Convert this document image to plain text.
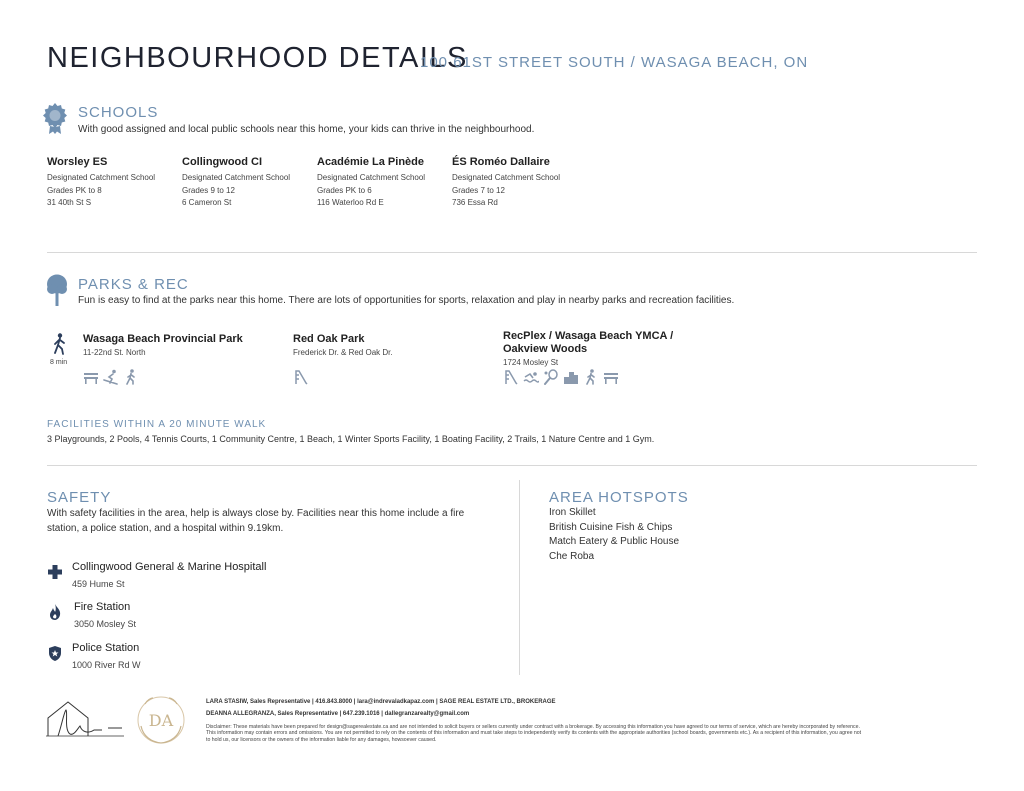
NEIGHBOURHOOD DETAILS
100 61ST STREET SOUTH / WASAGA BEACH, ON
SCHOOLS
With good assigned and local public schools near this home, your kids can thrive in the neighbourhood.
Worsley ES
Designated Catchment School
Grades PK to 8
31 40th St S
Collingwood CI
Designated Catchment School
Grades 9 to 12
6 Cameron St
Académie La Pinède
Designated Catchment School
Grades PK to 6
116 Waterloo Rd E
ÉS Roméo Dallaire
Designated Catchment School
Grades 7 to 12
736 Essa Rd
PARKS & REC
Fun is easy to find at the parks near this home. There are lots of opportunities for sports, relaxation and play in nearby parks and recreation facilities.
8 min
Wasaga Beach Provincial Park
11-22nd St. North
Red Oak Park
Frederick Dr. & Red Oak Dr.
RecPlex / Wasaga Beach YMCA /
Oakview Woods
1724 Mosley St
FACILITIES WITHIN A 20 MINUTE WALK
3 Playgrounds, 2 Pools, 4 Tennis Courts, 1 Community Centre, 1 Beach, 1 Winter Sports Facility, 1 Boating Facility, 2 Trails, 1 Nature Centre and 1 Gym.
SAFETY
With safety facilities in the area, help is always close by. Facilities near this home include a fire station, a police station, and a hospital within 9.19km.
Collingwood General & Marine Hospitall
459 Hume St
Fire Station
3050 Mosley St
Police Station
1000 River Rd W
AREA HOTSPOTS
Iron Skillet
British Cuisine Fish & Chips
Match Eatery & Public House
Che Roba
DA
LARA STASIW, Sales Representative | 416.843.8000 | lara@indrevaladkapaz.com | SAGE REAL ESTATE LTD., BROKERAGE
DEANNA ALLEGRANZA, Sales Representative | 647.239.1016 | dallegranzarealty@gmail.com
Disclaimer: These materials have been prepared for design@sagerealestate.ca and are not intended to solicit buyers or sellers currently under contract with a brokerage. By accessing this information you have agreed to our terms of service, which are hereby incorporated by reference. This information may contain errors and omissions. You are not permitted to rely on the contents of this information and must take steps to independently verify its contents with the appropriate authorities (school boards, governments etc.). As a recipient of this information, you agree not to hold us, our licensors or the owners of the information liable for any damages, howsoever caused.
